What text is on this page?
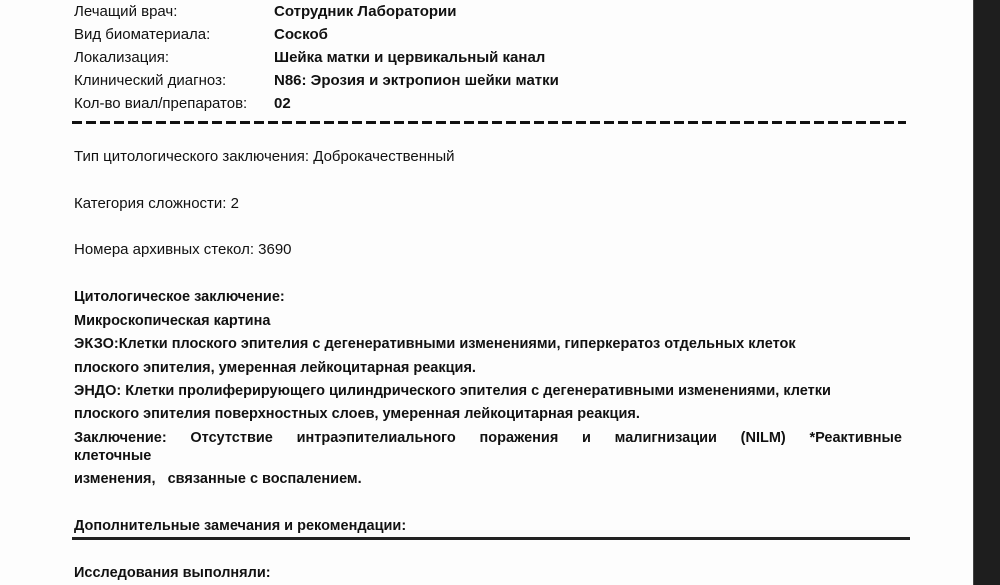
Лечащий врач:	Сотрудник Лаборатории
Вид биоматериала:	Соскоб
Локализация:	Шейка матки и цервикальный канал
Клинический диагноз:	N86: Эрозия и эктропион шейки матки
Кол-во виал/препаратов: 02
Тип цитологического заключения: Доброкачественный
Категория сложности: 2
Номера архивных стекол: 3690
Цитологическое заключение:
Микроскопическая картина
ЭКЗО:Клетки плоского эпителия с дегенеративными изменениями, гиперкератоз отдельных клеток
плоского эпителия, умеренная лейкоцитарная реакция.
ЭНДО: Клетки пролиферирующего цилиндрического эпителия с дегенеративными изменениями, клетки
плоского эпителия поверхностных слоев, умеренная лейкоцитарная реакция.
Заключение: Отсутствие интраэпителиального поражения и малигнизации (NILM) *Реактивные
клеточные
изменения,   связанные с воспалением.
Дополнительные замечания и рекомендации:
Исследования выполняли:
